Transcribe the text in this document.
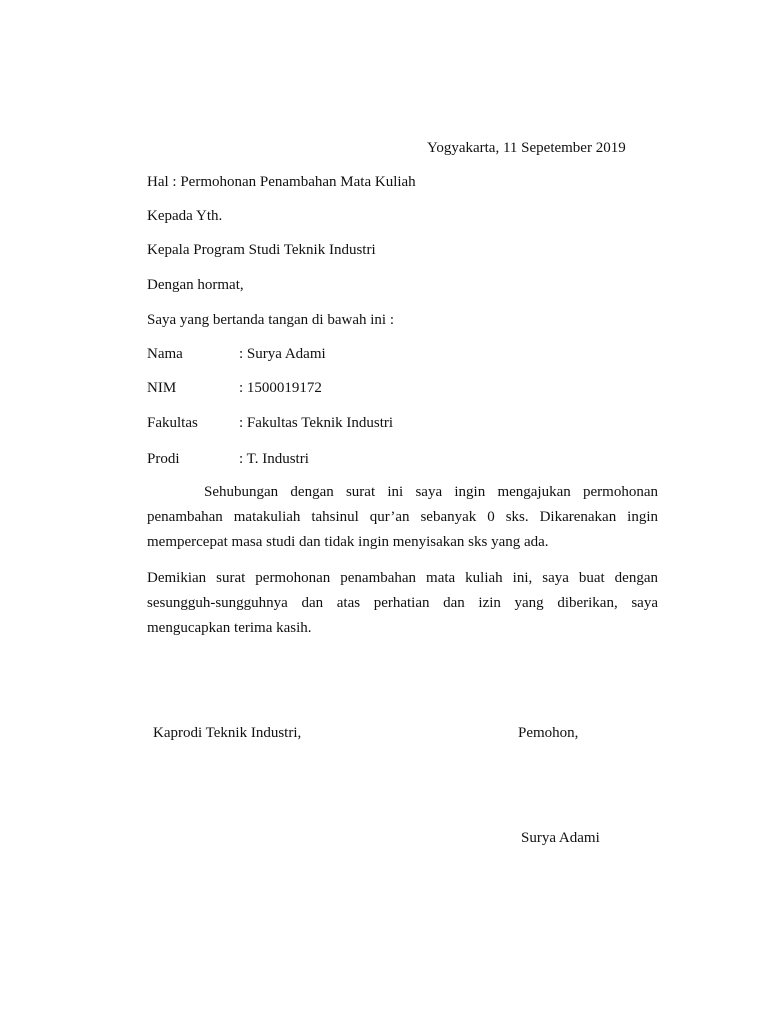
Yogyakarta, 11 Sepetember 2019
Hal : Permohonan Penambahan Mata Kuliah
Kepada Yth.
Kepala Program Studi Teknik Industri
Dengan hormat,
Saya yang bertanda tangan di bawah ini :
Nama	: Surya Adami
NIM	: 1500019172
Fakultas	: Fakultas Teknik Industri
Prodi	: T. Industri

Sehubungan dengan surat ini saya ingin mengajukan permohonan penambahan matakuliah tahsinul qur’an sebanyak 0 sks. Dikarenakan ingin mempercepat masa studi dan tidak ingin menyisakan sks yang ada.

Demikian surat permohonan penambahan mata kuliah ini, saya buat dengan sesungguh-sungguhnya dan atas perhatian dan izin yang diberikan, saya mengucapkan terima kasih.

Kaprodi Teknik Industri,	Pemohon,
Surya Adami
